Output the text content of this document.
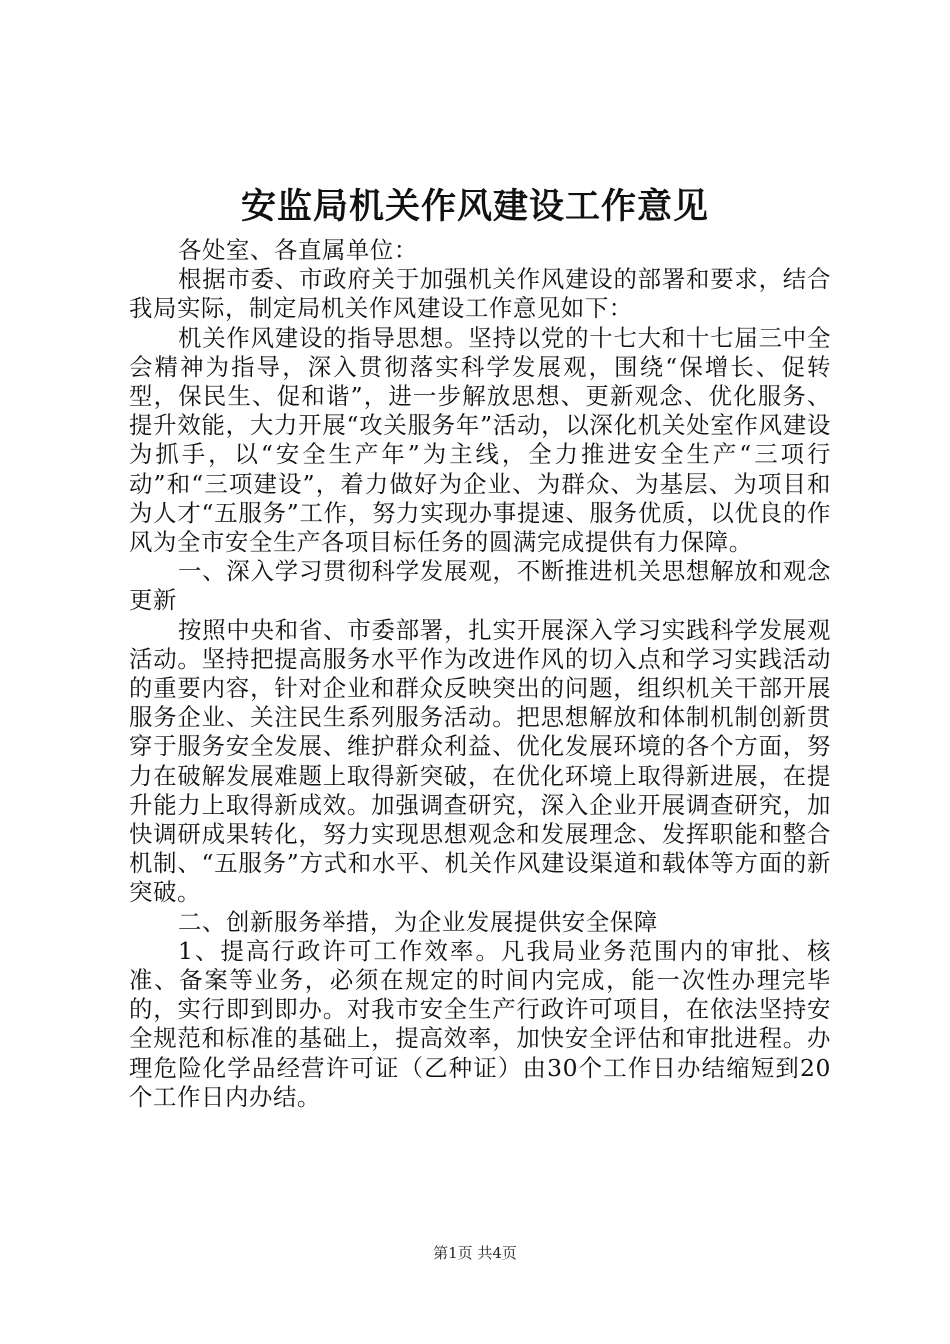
安监局机关作风建设工作意见

各处室、各直属单位：

根据市委、市政府关于加强机关作风建设的部署和要求，结合我局实际，制定局机关作风建设工作意见如下：

机关作风建设的指导思想。坚持以党的十七大和十七届三中全会精神为指导，深入贯彻落实科学发展观，围绕“保增长、促转型，保民生、促和谐”，进一步解放思想、更新观念、优化服务、提升效能，大力开展“攻关服务年”活动，以深化机关处室作风建设为抓手，以“安全生产年”为主线，全力推进安全生产“三项行动”和“三项建设”，着力做好为企业、为群众、为基层、为项目和为人才“五服务”工作，努力实现办事提速、服务优质，以优良的作风为全市安全生产各项目标任务的圆满完成提供有力保障。

一、深入学习贯彻科学发展观，不断推进机关思想解放和观念更新

按照中央和省、市委部署，扎实开展深入学习实践科学发展观活动。坚持把提高服务水平作为改进作风的切入点和学习实践活动的重要内容，针对企业和群众反映突出的问题，组织机关干部开展服务企业、关注民生系列服务活动。把思想解放和体制机制创新贯穿于服务安全发展、维护群众利益、优化发展环境的各个方面，努力在破解发展难题上取得新突破，在优化环境上取得新进展，在提升能力上取得新成效。加强调查研究，深入企业开展调查研究，加快调研成果转化，努力实现思想观念和发展理念、发挥职能和整合机制、“五服务”方式和水平、机关作风建设渠道和载体等方面的新突破。

二、创新服务举措，为企业发展提供安全保障

1、提高行政许可工作效率。凡我局业务范围内的审批、核准、备案等业务，必须在规定的时间内完成，能一次性办理完毕的，实行即到即办。对我市安全生产行政许可项目，在依法坚持安全规范和标准的基础上，提高效率，加快安全评估和审批进程。办理危险化学品经营许可证（乙种证）由30个工作日办结缩短到20个工作日内办结。

第1页 共4页
